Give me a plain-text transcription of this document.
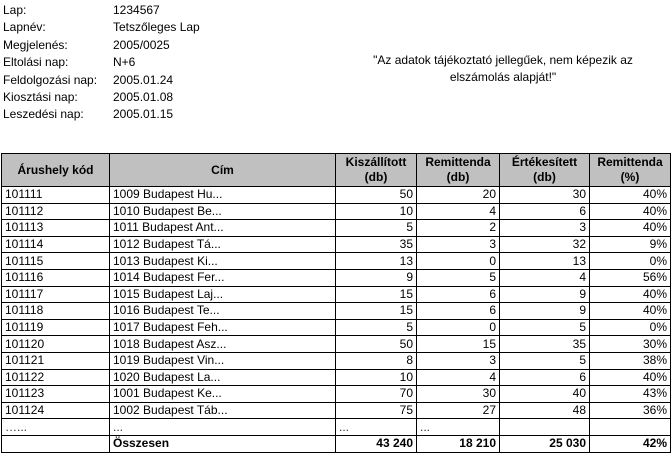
Lap:	1234567
Lapnév:	Tetszőleges Lap
Megjelenés:	2005/0025
Eltolási nap:	N+6
Feldolgozási nap: 2005.01.24
Kiosztási nap:	2005.01.08
Leszedési nap: 2005.01.15
"Az adatok tájékoztató jellegűek, nem képezik az elszámolás alapját!"
Árushely kód	Cím	Kiszállított (db)	Remittenda (db)	Értékesített (db)	Remittenda (%)
101111	1009 Budapest Hu...	50	20	30	40%
101112	1010 Budapest Be...	10	4	6	40%
101113	1011 Budapest Ant...	5	2	3	40%
101114	1012 Budapest Tá...	35	3	32	9%
101115	1013 Budapest Ki...	13	0	13	0%
101116	1014 Budapest Fer...	9	5	4	56%
101117	1015 Budapest Laj...	15	6	9	40%
101118	1016 Budapest Te...	15	6	9	40%
101119	1017 Budapest Feh...	5	0	5	0%
101120	1018 Budapest Asz...	50	15	35	30%
101121	1019 Budapest Vin...	8	3	5	38%
101122	1020 Budapest La...	10	4	6	40%
101123	1001 Budapest Ke...	70	30	40	43%
101124	1002 Budapest Táb...	75	27	48	36%
…...	...	...	...		
	Összesen	43 240	18 210	25 030	42%
